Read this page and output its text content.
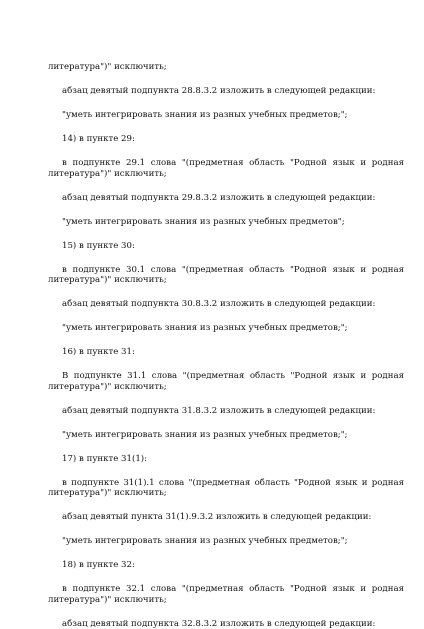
литература")" исключить;

абзац девятый подпункта 28.8.3.2 изложить в следующей редакции:

"уметь интегрировать знания из разных учебных предметов;";

14) в пункте 29:

в подпункте 29.1 слова "(предметная область "Родной язык и родная литература")" исключить;

абзац девятый подпункта 29.8.3.2 изложить в следующей редакции:

"уметь интегрировать знания из разных учебных предметов";

15) в пункте 30:

в подпункте 30.1 слова "(предметная область "Родной язык и родная литература")" исключить;

абзац девятый подпункта 30.8.3.2 изложить в следующей редакции:

"уметь интегрировать знания из разных учебных предметов;";

16) в пункте 31:

В подпункте 31.1 слова "(предметная область "Родной язык и родная литература")" исключить;

абзац девятый подпункта 31.8.3.2 изложить в следующей редакции:

"уметь интегрировать знания из разных учебных предметов;";

17) в пункте 31(1):

в подпункте 31(1).1 слова "(предметная область "Родной язык и родная литература")" исключить;

абзац девятый пункта 31(1).9.3.2 изложить в следующей редакции:

"уметь интегрировать знания из разных учебных предметов;";

18) в пункте 32:

в подпункте 32.1 слова "(предметная область "Родной язык и родная литература")" исключить;

абзац девятый подпункта 32.8.3.2 изложить в следующей редакции:
